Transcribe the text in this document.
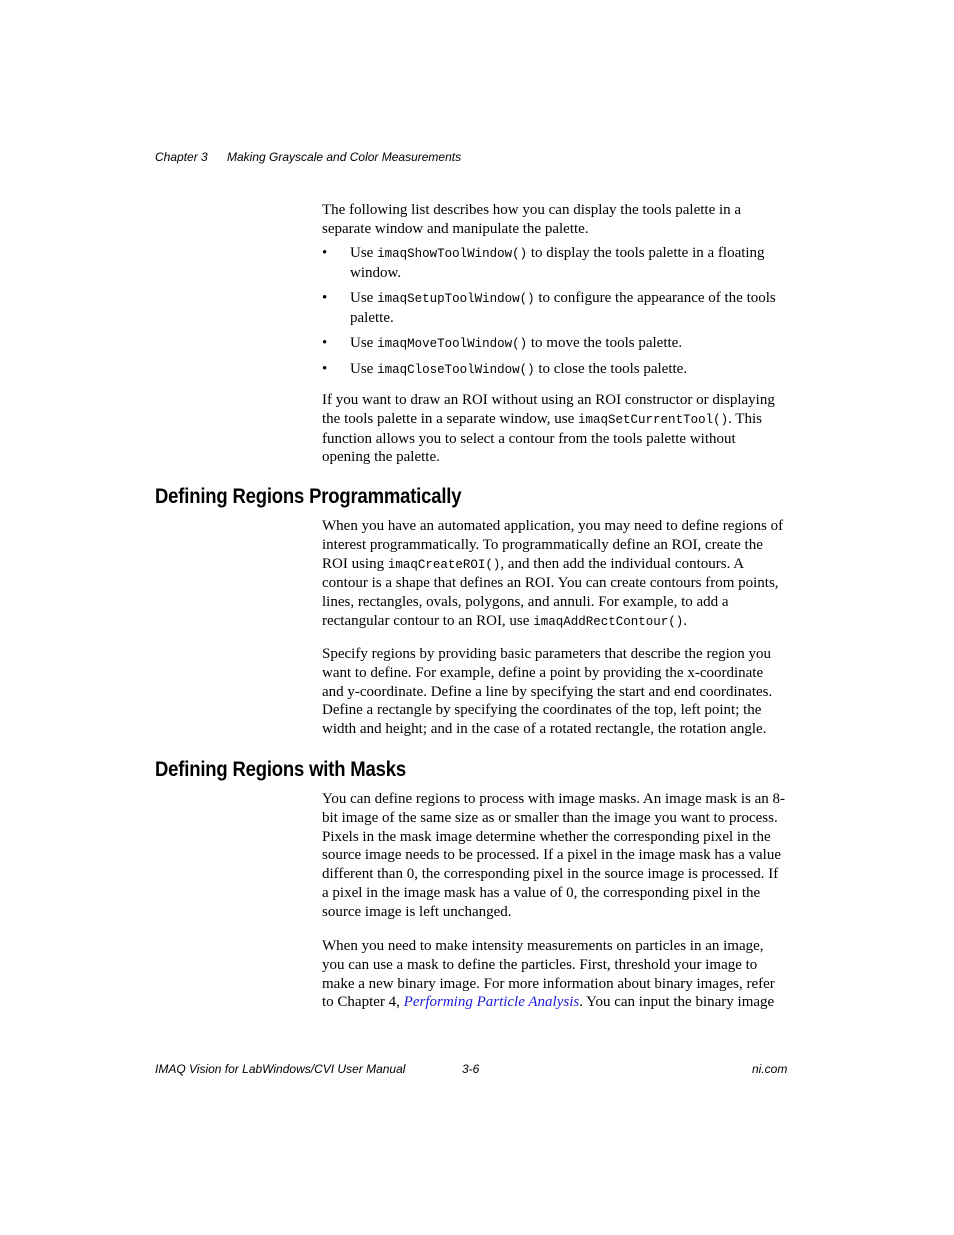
Chapter 3 Making Grayscale and Color Measurements

The following list describes how you can display the tools palette in a separate window and manipulate the palette.

• Use imaqShowToolWindow() to display the tools palette in a floating window.
• Use imaqSetupToolWindow() to configure the appearance of the tools palette.
• Use imaqMoveToolWindow() to move the tools palette.
• Use imaqCloseToolWindow() to close the tools palette.

If you want to draw an ROI without using an ROI constructor or displaying the tools palette in a separate window, use imaqSetCurrentTool(). This function allows you to select a contour from the tools palette without opening the palette.

Defining Regions Programmatically

When you have an automated application, you may need to define regions of interest programmatically. To programmatically define an ROI, create the ROI using imaqCreateROI(), and then add the individual contours. A contour is a shape that defines an ROI. You can create contours from points, lines, rectangles, ovals, polygons, and annuli. For example, to add a rectangular contour to an ROI, use imaqAddRectContour().

Specify regions by providing basic parameters that describe the region you want to define. For example, define a point by providing the x-coordinate and y-coordinate. Define a line by specifying the start and end coordinates. Define a rectangle by specifying the coordinates of the top, left point; the width and height; and in the case of a rotated rectangle, the rotation angle.

Defining Regions with Masks

You can define regions to process with image masks. An image mask is an 8-bit image of the same size as or smaller than the image you want to process. Pixels in the mask image determine whether the corresponding pixel in the source image needs to be processed. If a pixel in the image mask has a value different than 0, the corresponding pixel in the source image is processed. If a pixel in the image mask has a value of 0, the corresponding pixel in the source image is left unchanged.

When you need to make intensity measurements on particles in an image, you can use a mask to define the particles. First, threshold your image to make a new binary image. For more information about binary images, refer to Chapter 4, Performing Particle Analysis. You can input the binary image

IMAQ Vision for LabWindows/CVI User Manual	3-6	ni.com
